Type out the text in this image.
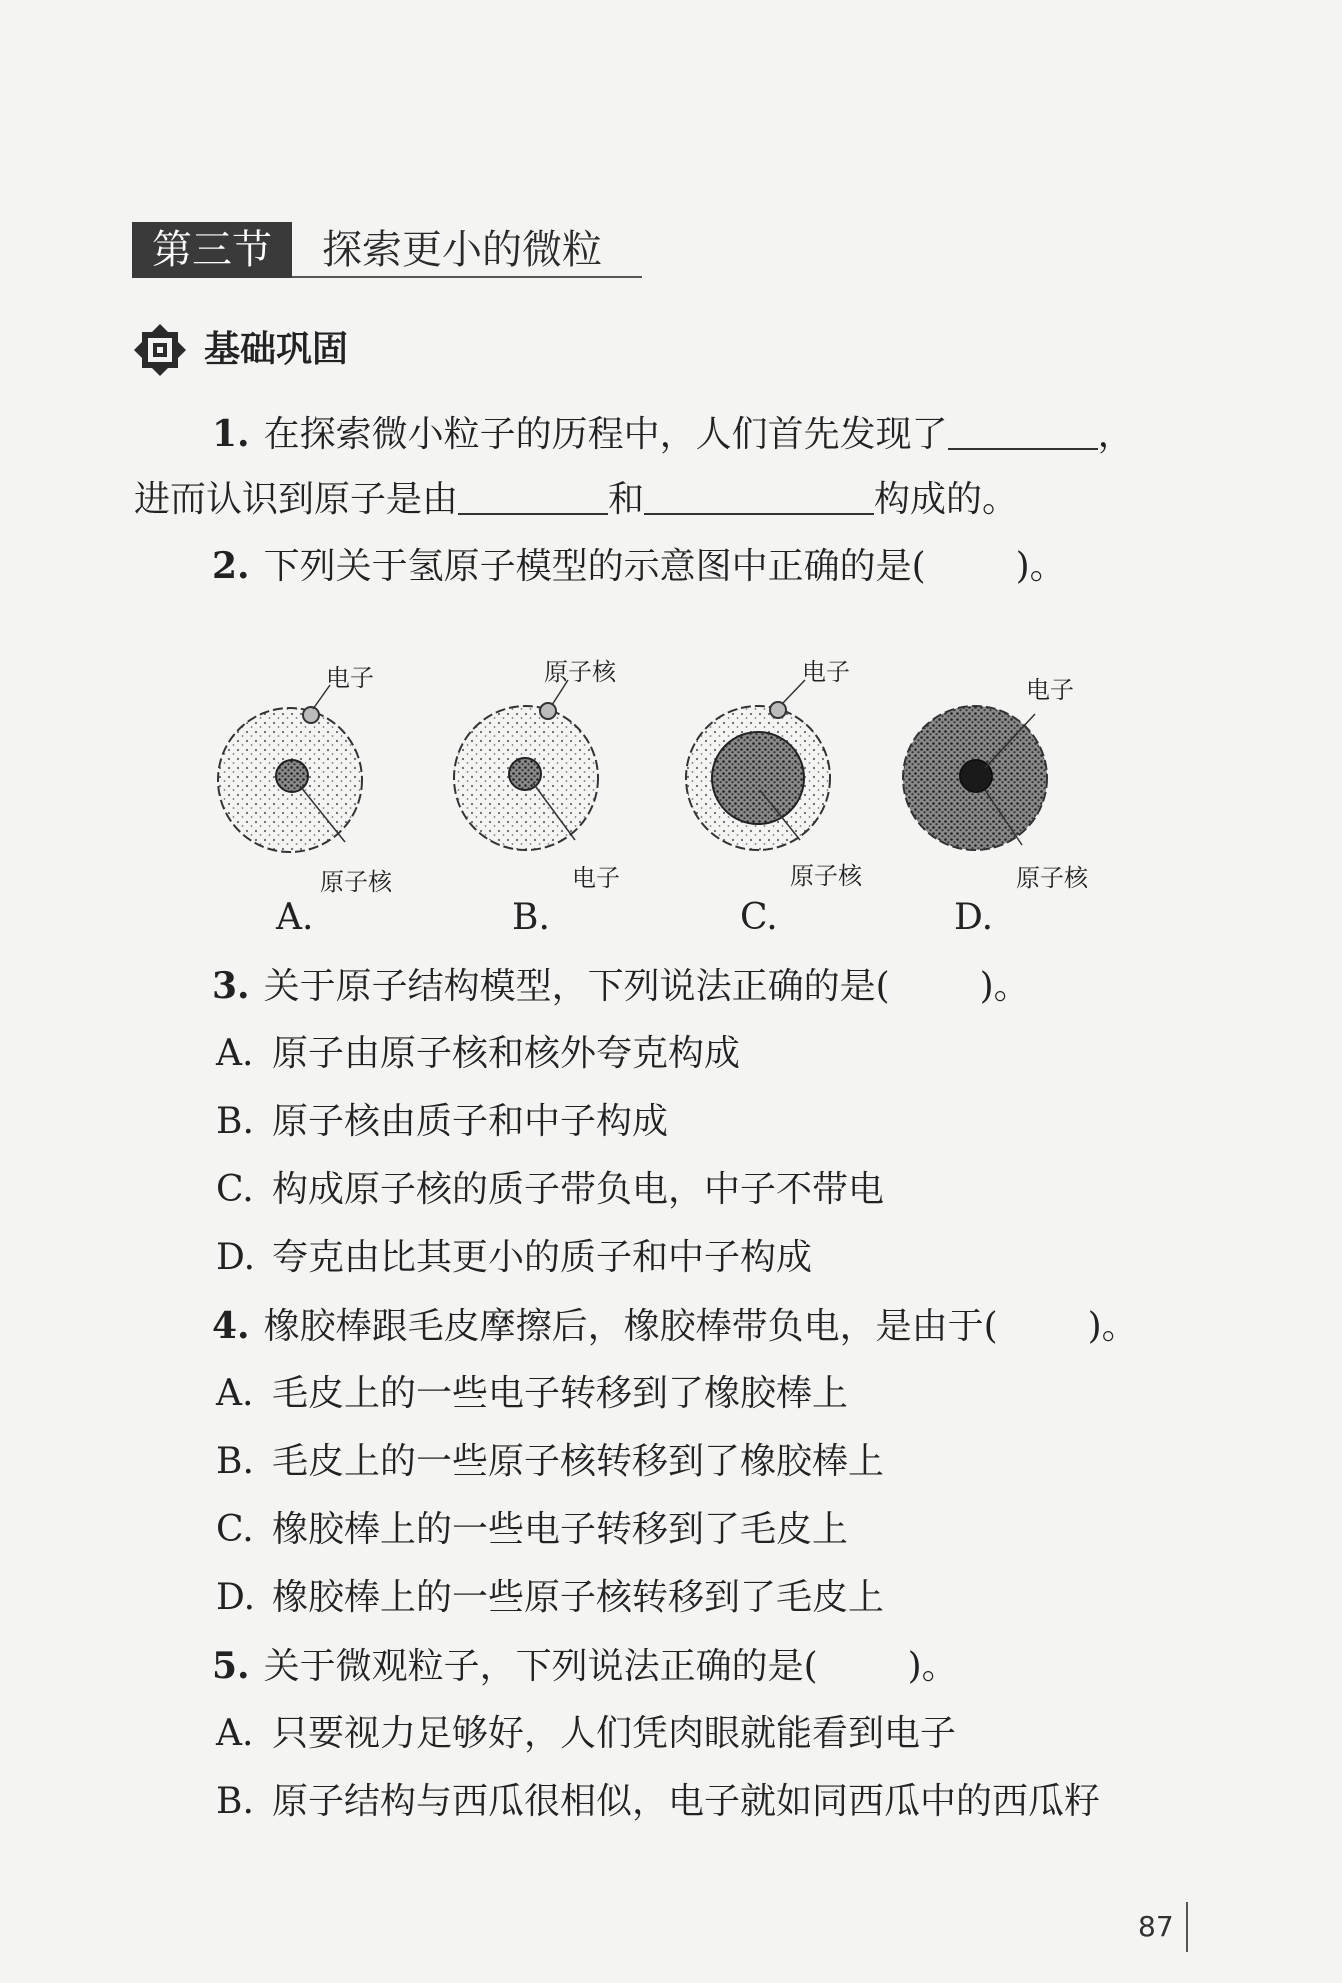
第三节	探索更小的微粒
基础巩固
1. 在探索微小粒子的历程中，人们首先发现了	，
进而认识到原子是由	和	构成的。
2. 下列关于氢原子模型的示意图中正确的是(	)。
电子
原子核
A.
原子核
电子
B.
电子
原子核
C.
电子
原子核
D.
3. 关于原子结构模型，下列说法正确的是(	)。
A. 原子由原子核和核外夸克构成
B. 原子核由质子和中子构成
C. 构成原子核的质子带负电，中子不带电
D. 夸克由比其更小的质子和中子构成
4. 橡胶棒跟毛皮摩擦后，橡胶棒带负电，是由于(	)。
A. 毛皮上的一些电子转移到了橡胶棒上
B. 毛皮上的一些原子核转移到了橡胶棒上
C. 橡胶棒上的一些电子转移到了毛皮上
D. 橡胶棒上的一些原子核转移到了毛皮上
5. 关于微观粒子，下列说法正确的是(	)。
A. 只要视力足够好，人们凭肉眼就能看到电子
B. 原子结构与西瓜很相似，电子就如同西瓜中的西瓜籽
87
